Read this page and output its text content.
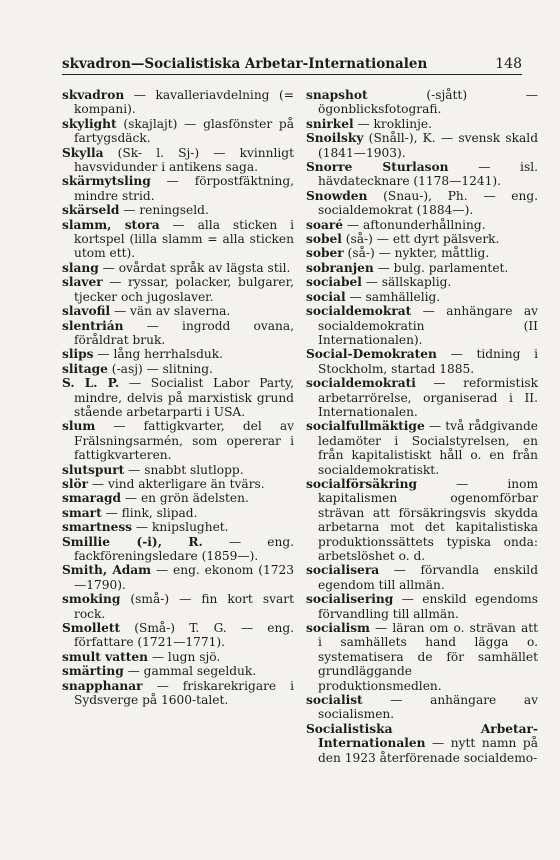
skvadron—Socialistiska Arbetar-Internationalen	148

skvadron — kavalleriavdelning (= kompani).

skylight (skajlajt) — glasfönster på fartygsdäck.

Skylla (Sk- l. Sj-) — kvinnligt havsvidunder i antikens saga.

skärmytsling — förpostfäktning, mindre strid.

skärseld — reningseld.

slamm, stora — alla sticken i kortspel (lilla slamm = alla sticken utom ett).

slang — ovårdat språk av lägsta stil.

slaver — ryssar, polacker, bulgarer, tjecker och jugoslaver.

slavofil — vän av slaverna.

slentrián — ingrodd ovana, föråldrat bruk.

slips — lång herrhalsduk.

slitage (-asj) — slitning.

S. L. P. — Socialist Labor Party, mindre, delvis på marxistisk grund stående arbetarparti i USA.

slum — fattigkvarter, del av Frälsningsarmén, som opererar i fattigkvarteren.

slutspurt — snabbt slutlopp.

slör — vind akterligare än tvärs.

smaragd — en grön ädelsten.

smart — flink, slipad.

smartness — knipslughet.

Smillie (-i), R. — eng. fackföreningsledare (1859—).

Smith, Adam — eng. ekonom (1723—1790).

smoking (små-) — fin kort svart rock.

Smollett (Små-) T. G. — eng. författare (1721—1771).

smult vatten — lugn sjö.

smärting — gammal segelduk.

snapphanar — friskarekrigare i Sydsverge på 1600-talet.

snapshot (-sjått) — ögonblicksfotografi.

snirkel — kroklinje.

Snoilsky (Snåll-), K. — svensk skald (1841—1903).

Snorre Sturlason — isl. hävdatecknare (1178—1241).

Snowden (Snau-), Ph. — eng. socialdemokrat (1884—).

soaré — aftonunderhållning.

sobel (så-) — ett dyrt pälsverk.

sober (så-) — nykter, måttlig.

sobranjen — bulg. parlamentet.

sociabel — sällskaplig.

social — samhällelig.

socialdemokrat — anhängare av socialdemokratin (II Internationalen).

Social-Demokraten — tidning i Stockholm, startad 1885.

socialdemokrati — reformistisk arbetarrörelse, organiserad i II. Internationalen.

socialfullmäktige — två rådgivande ledamöter i Socialstyrelsen, en från kapitalistiskt håll o. en från socialdemokratiskt.

socialförsäkring — inom kapitalismen ogenomförbar strävan att försäkringsvis skydda arbetarna mot det kapitalistiska produktionssättets typiska onda: arbetslöshet o. d.

socialisera — förvandla enskild egendom till allmän.

socialisering — enskild egendoms förvandling till allmän.

socialism — läran om o. strävan att i samhällets hand lägga o. systematisera de för samhället grundläggande produktionsmedlen.

socialist — anhängare av socialismen.

Socialistiska Arbetar-Internationalen — nytt namn på den 1923 återförenade socialdemo-
